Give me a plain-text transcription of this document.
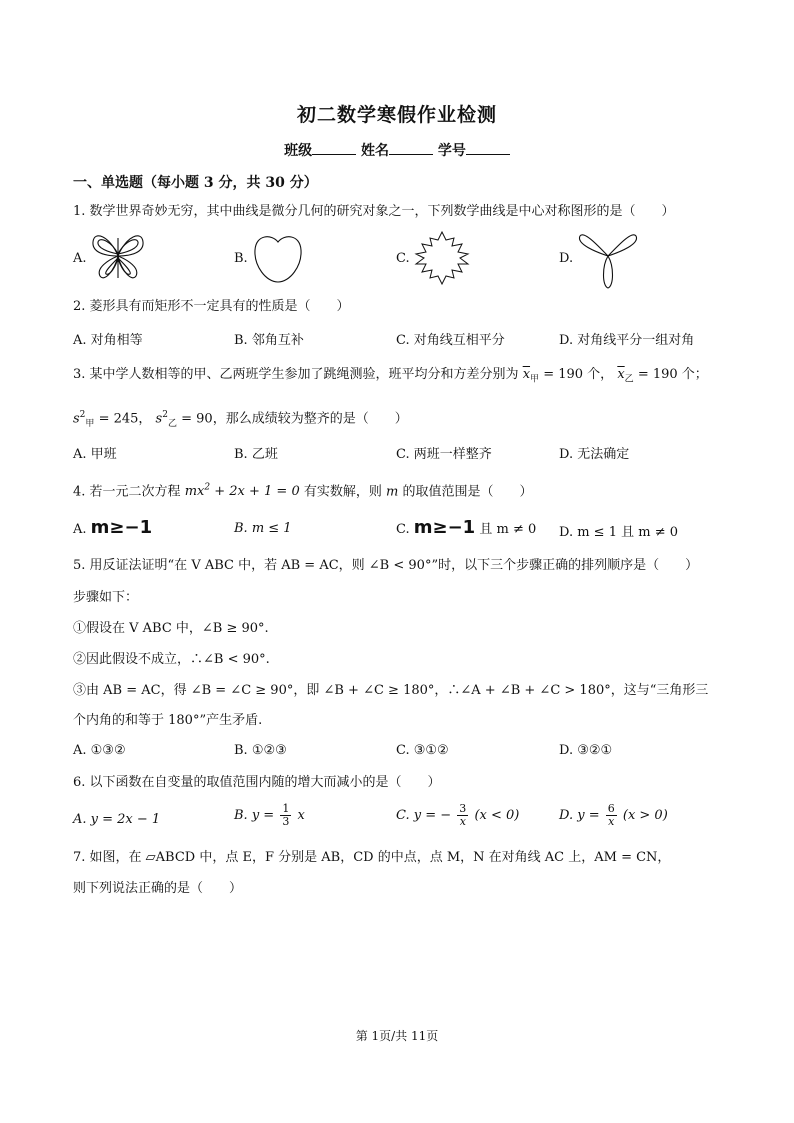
初二数学寒假作业检测
班级	姓名	学号
一、单选题（每小题 3 分，共 30 分）
1. 数学世界奇妙无穷，其中曲线是微分几何的研究对象之一，下列数学曲线是中心对称图形的是（　　）
A.	B.	C.	D.
2. 菱形具有而矩形不一定具有的性质是（　　）
A. 对角相等	B. 邻角互补	C. 对角线互相平分	D. 对角线平分一组对角
3. 某中学人数相等的甲、乙两班学生参加了跳绳测验，班平均分和方差分别为 $\overline{x}_甲 = 190$ 个， $\overline{x}_乙 = 190$ 个；
$s^2_甲 = 245$， $s^2_乙 = 90$，那么成绩较为整齐的是（　　）
A. 甲班	B. 乙班	C. 两班一样整齐	D. 无法确定
4. 若一元二次方程 $mx^2 + 2x + 1 = 0$ 有实数解，则 m 的取值范围是（　　）
A. m≥−1	B. m ≤ 1	C. m≥−1 且 m ≠ 0 D. m ≤ 1 且 m ≠ 0
5. 用反证法证明“在 V ABC 中，若 AB = AC，则 ∠B < 90°”时，以下三个步骤正确的排列顺序是（　　）
步骤如下：
①假设在 V ABC 中，∠B ≥ 90°.
②因此假设不成立，∴∠B < 90°.
③由 AB = AC，得 ∠B = ∠C ≥ 90°，即 ∠B + ∠C ≥ 180°，∴∠A + ∠B + ∠C > 180°，这与“三角形三
个内角的和等于 180°”产生矛盾.
A. ①③②	B. ①②③	C. ③①②	D. ③②①
6. 以下函数在自变量的取值范围内随的增大而减小的是（　　）
A. y = 2x − 1	B. $y = \frac{1}{3}$ x	C. y = − $\frac{3}{x} (x < 0)$	D. $y = \frac{6}{x} (x > 0)$
7. 如图，在 ▱ABCD 中，点 E，F 分别是 AB，CD 的中点，点 M，N 在对角线 AC 上，AM = CN，
则下列说法正确的是（　　）
第 1页/共 11页
